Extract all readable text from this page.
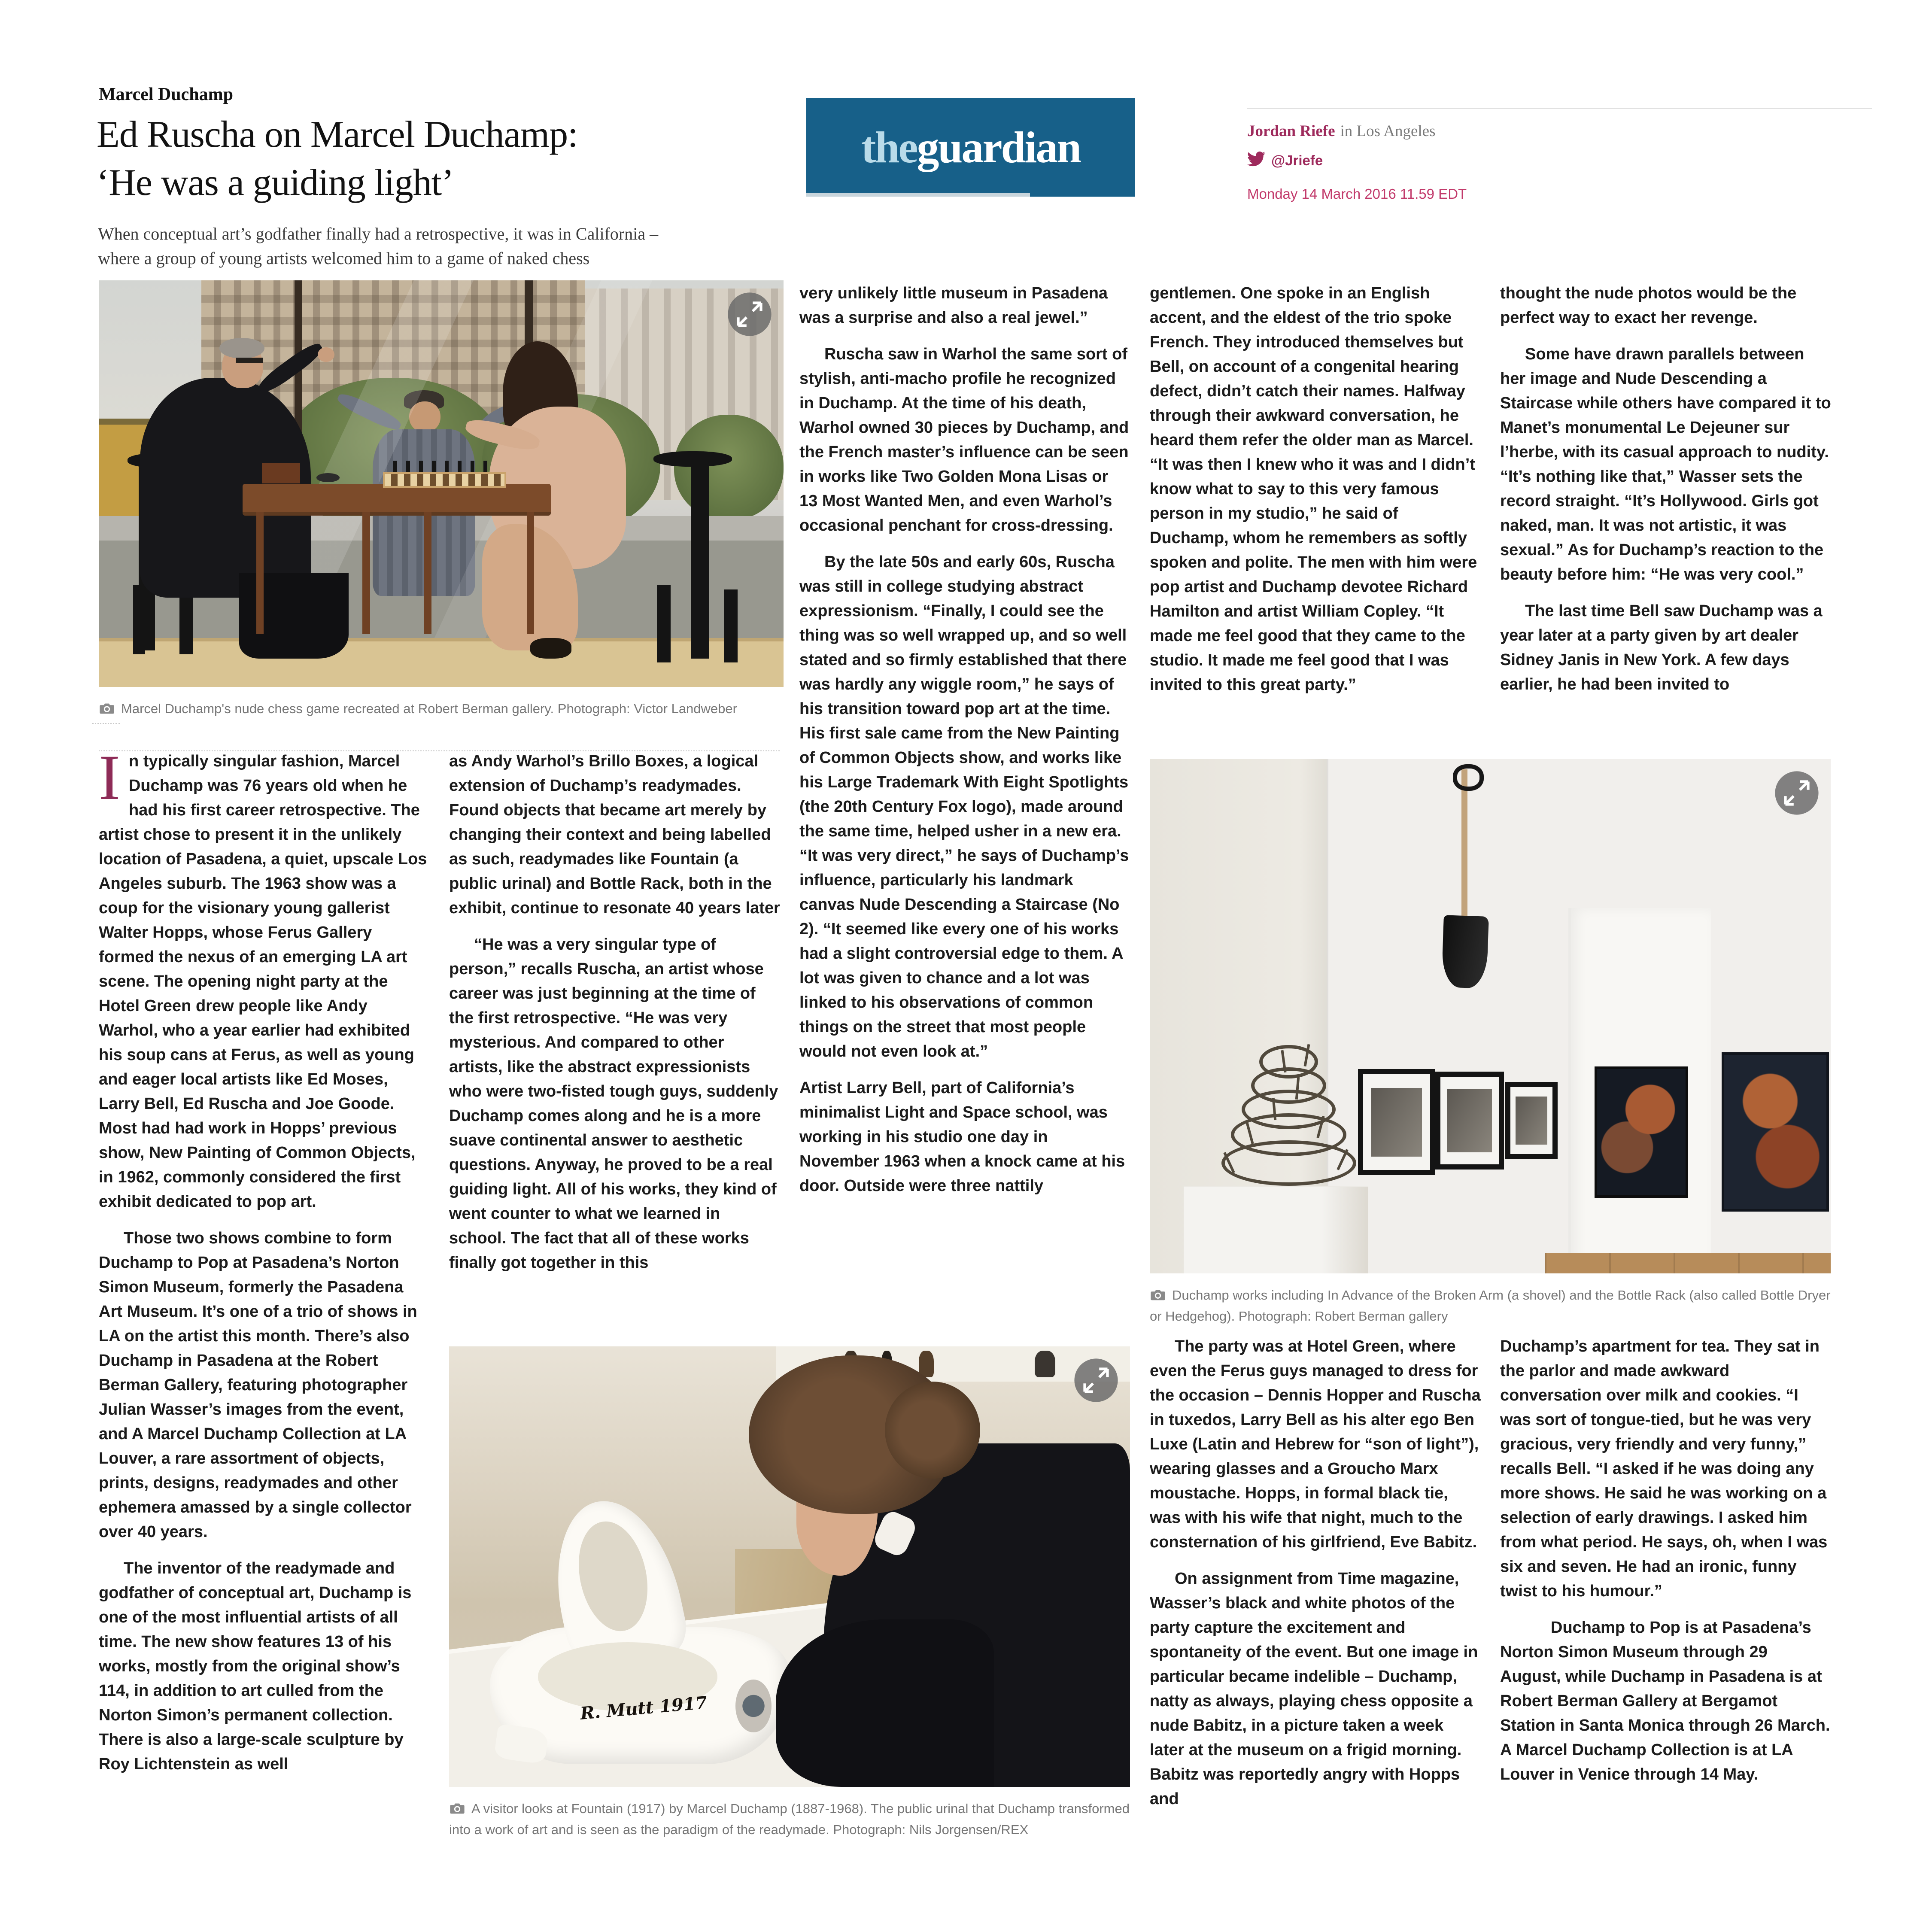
Marcel Duchamp
Ed Ruscha on Marcel Duchamp:
‘He was a guiding light’
When conceptual art’s godfather finally had a retrospective, it was in California –
where a group of young artists welcomed him to a game of naked chess
the guardian	Jordan Riefe in Los Angeles
@Jriefe
Monday 14 March 2016 11.59 EDT
Marcel Duchamp's nude chess game recreated at Robert Berman gallery. Photograph: Victor Landweber

In typically singular fashion, Marcel Duchamp was 76 years old when he had his first career retrospective. The artist chose to present it in the unlikely location of Pasadena, a quiet, upscale Los Angeles suburb. The 1963 show was a coup for the visionary young gallerist Walter Hopps, whose Ferus Gallery formed the nexus of an emerging LA art scene. The opening night party at the Hotel Green drew people like Andy Warhol, who a year earlier had exhibited his soup cans at Ferus, as well as young and eager local artists like Ed Moses, Larry Bell, Ed Ruscha and Joe Goode. Most had had work in Hopps’ previous show, New Painting of Common Objects, in 1962, commonly considered the first exhibit dedicated to pop art.

Those two shows combine to form Duchamp to Pop at Pasadena’s Norton Simon Museum, formerly the Pasadena Art Museum. It’s one of a trio of shows in LA on the artist this month. There’s also Duchamp in Pasadena at the Robert Berman Gallery, featuring photographer Julian Wasser’s images from the event, and A Marcel Duchamp Collection at LA Louver, a rare assortment of objects, prints, designs, readymades and other ephemera amassed by a single collector over 40 years.

The inventor of the readymade and godfather of conceptual art, Duchamp is one of the most influential artists of all time. The new show features 13 of his works, mostly from the original show’s 114, in addition to art culled from the Norton Simon’s permanent collection. There is also a large-scale sculpture by Roy Lichtenstein as well

as Andy Warhol’s Brillo Boxes, a logical extension of Duchamp’s readymades. Found objects that became art merely by changing their context and being labelled as such, readymades like Fountain (a public urinal) and Bottle Rack, both in the exhibit, continue to resonate 40 years later

“He was a very singular type of person,” recalls Ruscha, an artist whose career was just beginning at the time of the first retrospective. “He was very mysterious. And compared to other artists, like the abstract expressionists who were two-fisted tough guys, suddenly Duchamp comes along and he is a more suave continental answer to aesthetic questions. Anyway, he proved to be a real guiding light. All of his works, they kind of went counter to what we learned in school. The fact that all of these works finally got together in this

very unlikely little museum in Pasadena was a surprise and also a real jewel.”

Ruscha saw in Warhol the same sort of stylish, anti-macho profile he recognized in Duchamp. At the time of his death, Warhol owned 30 pieces by Duchamp, and the French master’s influence can be seen in works like Two Golden Mona Lisas or 13 Most Wanted Men, and even Warhol’s occasional penchant for cross-dressing.

By the late 50s and early 60s, Ruscha was still in college studying abstract expressionism. “Finally, I could see the thing was so well wrapped up, and so well stated and so firmly established that there was hardly any wiggle room,” he says of his transition toward pop art at the time. His first sale came from the New Painting of Common Objects show, and works like his Large Trademark With Eight Spotlights (the 20th Century Fox logo), made around the same time, helped usher in a new era. “It was very direct,” he says of Duchamp’s influence, particularly his landmark canvas Nude Descending a Staircase (No 2). “It seemed like every one of his works had a slight controversial edge to them. A lot was given to chance and a lot was linked to his observations of common things on the street that most people would not even look at.”

Artist Larry Bell, part of California’s minimalist Light and Space school, was working in his studio one day in November 1963 when a knock came at his door. Outside were three nattily

gentlemen. One spoke in an English accent, and the eldest of the trio spoke French. They introduced themselves but Bell, on account of a congenital hearing defect, didn’t catch their names. Halfway through their awkward conversation, he heard them refer the older man as Marcel. “It was then I knew who it was and I didn’t know what to say to this very famous person in my studio,” he said of Duchamp, whom he remembers as softly spoken and polite. The men with him were pop artist and Duchamp devotee Richard Hamilton and artist William Copley. “It made me feel good that they came to the studio. It made me feel good that I was invited to this great party.”

thought the nude photos would be the perfect way to exact her revenge.

Some have drawn parallels between her image and Nude Descending a Staircase while others have compared it to Manet’s monumental Le Dejeuner sur l’herbe, with its casual approach to nudity. “It’s nothing like that,” Wasser sets the record straight. “It’s Hollywood. Girls got naked, man. It was not artistic, it was sexual.” As for Duchamp’s reaction to the beauty before him: “He was very cool.”

The last time Bell saw Duchamp was a year later at a party given by art dealer Sidney Janis in New York. A few days earlier, he had been invited to

The party was at Hotel Green, where even the Ferus guys managed to dress for the occasion – Dennis Hopper and Ruscha in tuxedos, Larry Bell as his alter ego Ben Luxe (Latin and Hebrew for “son of light”), wearing glasses and a Groucho Marx moustache. Hopps, in formal black tie, was with his wife that night, much to the consternation of his girlfriend, Eve Babitz.

On assignment from Time magazine, Wasser’s black and white photos of the party capture the excitement and spontaneity of the event. But one image in particular became indelible – Duchamp, natty as always, playing chess opposite a nude Babitz, in a picture taken a week later at the museum on a frigid morning. Babitz was reportedly angry with Hopps and

Duchamp’s apartment for tea. They sat in the parlor and made awkward conversation over milk and cookies. “I was sort of tongue-tied, but he was very gracious, very friendly and very funny,” recalls Bell. “I asked if he was doing any more shows. He said he was working on a selection of early drawings. I asked him from what period. He says, oh, when I was six and seven. He had an ironic, funny twist to his humour.”

Duchamp to Pop is at Pasadena’s Norton Simon Museum through 29 August, while Duchamp in Pasadena is at Robert Berman Gallery at Bergamot Station in Santa Monica through 26 March. A Marcel Duchamp Collection is at LA Louver in Venice through 14 May.

Duchamp works including In Advance of the Broken Arm (a shovel) and the Bottle Rack (also called Bottle Dryer or Hedgehog). Photograph: Robert Berman gallery
R. Mutt 1917
A visitor looks at Fountain (1917) by Marcel Duchamp (1887-1968). The public urinal that Duchamp transformed into a work of art and is seen as the paradigm of the readymade. Photograph: Nils Jorgensen/REX
